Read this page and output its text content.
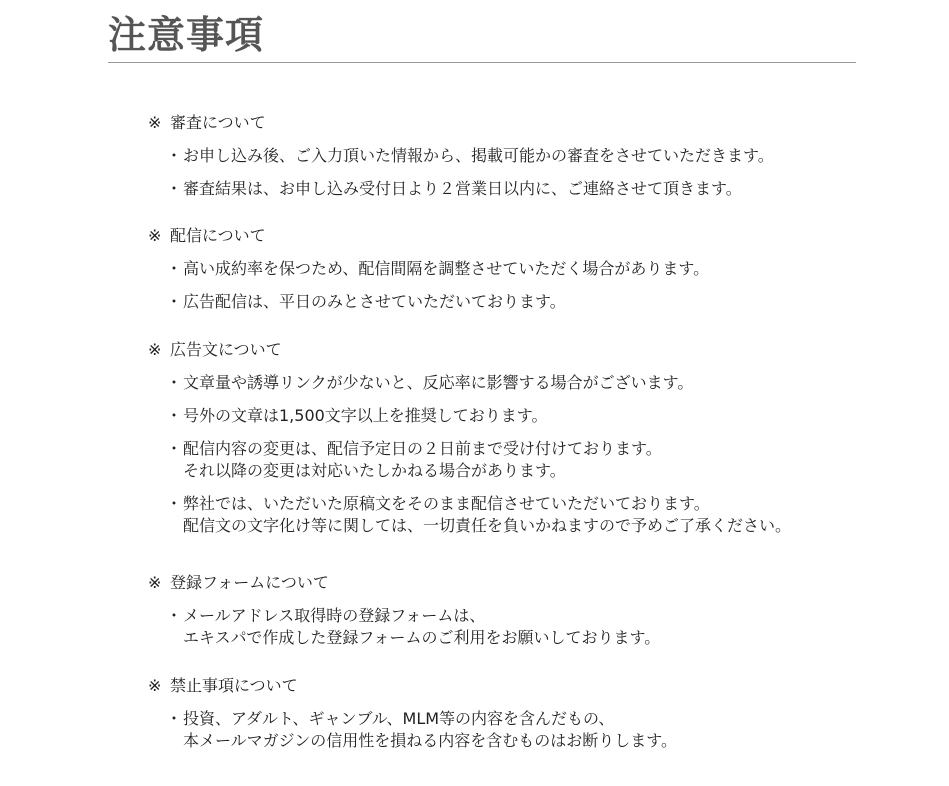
注意事項
※ 審査について
・ お申し込み後、ご入力頂いた情報から、掲載可能かの審査をさせていただきます。
・ 審査結果は、お申し込み受付日より２営業日以内に、ご連絡させて頂きます。
※ 配信について
・ 高い成約率を保つため、配信間隔を調整させていただく場合があります。
・ 広告配信は、平日のみとさせていただいております。
※ 広告文について
・ 文章量や誘導リンクが少ないと、反応率に影響する場合がございます。
・ 号外の文章は1,500文字以上を推奨しております。
・ 配信内容の変更は、配信予定日の２日前まで受け付けております。
それ以降の変更は対応いたしかねる場合があります。
・ 弊社では、いただいた原稿文をそのまま配信させていただいております。
配信文の文字化け等に関しては、一切責任を負いかねますので予めご了承ください。
※ 登録フォームについて
・ メールアドレス取得時の登録フォームは、
エキスパで作成した登録フォームのご利用をお願いしております。
※ 禁止事項について
・ 投資、アダルト、ギャンブル、MLM等の内容を含んだもの、
本メールマガジンの信用性を損ねる内容を含むものはお断りします。
